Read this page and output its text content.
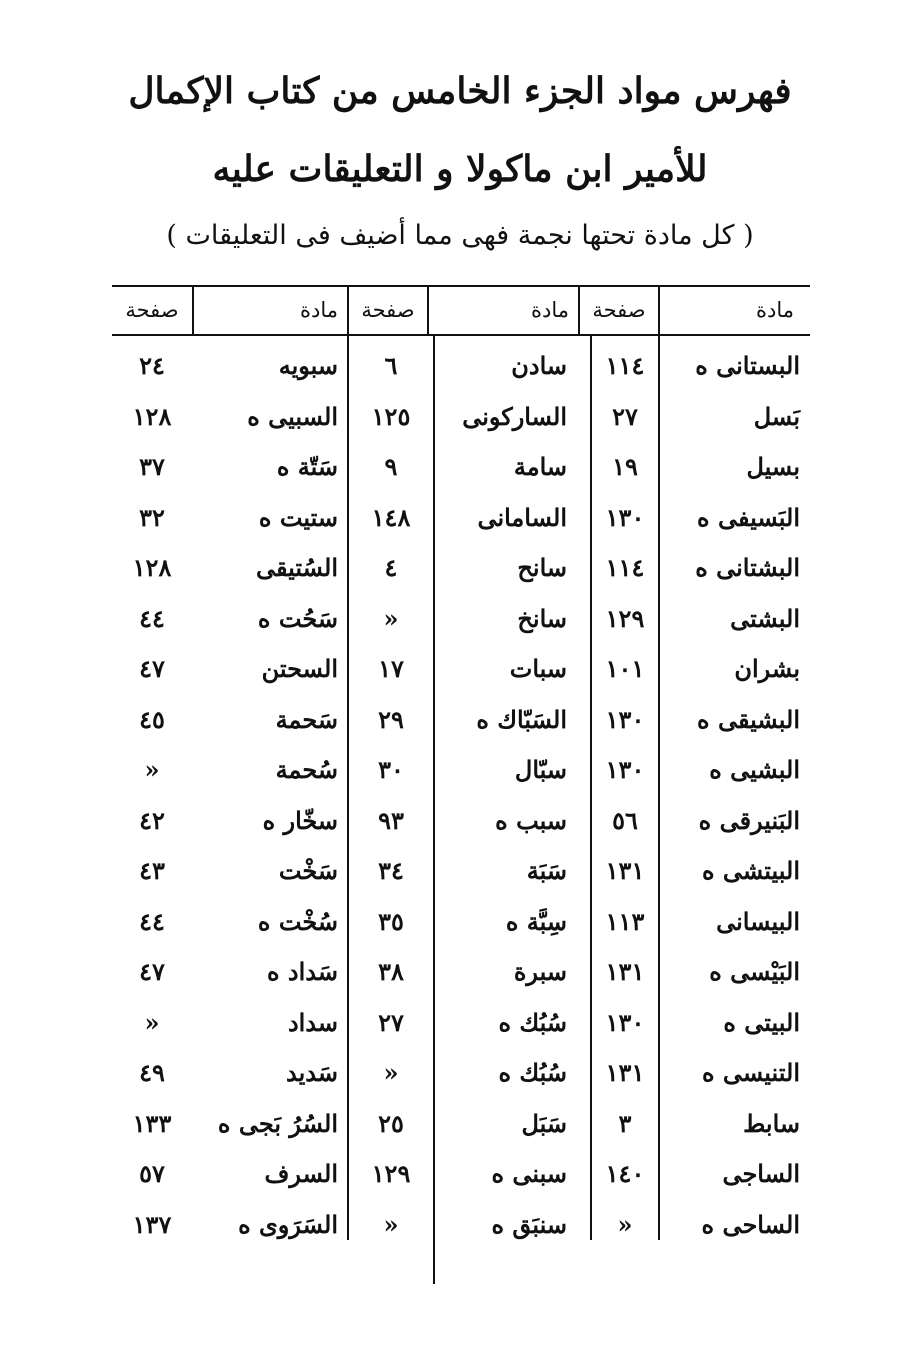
فهرس مواد الجزء الخامس من كتاب الإكمال
للأمير ابن ماكولا و التعليقات عليه
( كل مادة تحتها نجمة فهى مما أضيف فى التعليقات )
مادة
صفحة
مادة
صفحة
مادة
صفحة
البستانى ه
١١٤
سادن
٦
سبويه
٢٤
بَسل
٢٧
الساركونى
١٢٥
السبيى ه
١٢٨
بسيل
١٩
سامة
٩
سَتّة ه
٣٧
البَسيفى ه
١٣٠
السامانى
١٤٨
ستيت ه
٣٢
البشتانى ه
١١٤
سانح
٤
السُتيقى
١٢٨
البشتى
١٢٩
سانخ
»
سَحُت ه
٤٤
بشران
١٠١
سبات
١٧
السحتن
٤٧
البشيقى ه
١٣٠
السَبّاك ه
٢٩
سَحمة
٤٥
البشيى ه
١٣٠
سبّال
٣٠
سُحمة
»
البَنيرقى ه
٥٦
سبب ه
٩٣
سخّار ه
٤٢
البيتشى ه
١٣١
سَبَة
٣٤
سَخْت
٤٣
البيسانى
١١٣
سِبَّة ه
٣٥
سُخْت ه
٤٤
البَيْسى ه
١٣١
سبرة
٣٨
سَداد ه
٤٧
البيتى ه
١٣٠
سُبُك ه
٢٧
سداد
»
التنيسى ه
١٣١
سُبُك ه
»
سَديد
٤٩
سابط
٣
سَبَل
٢٥
السُرُ بَجى ه
١٣٣
الساجى
١٤٠
سبنى ه
١٢٩
السرف
٥٧
الساحى ه
»
سنبَق ه
»
السَرَوى ه
١٣٧
